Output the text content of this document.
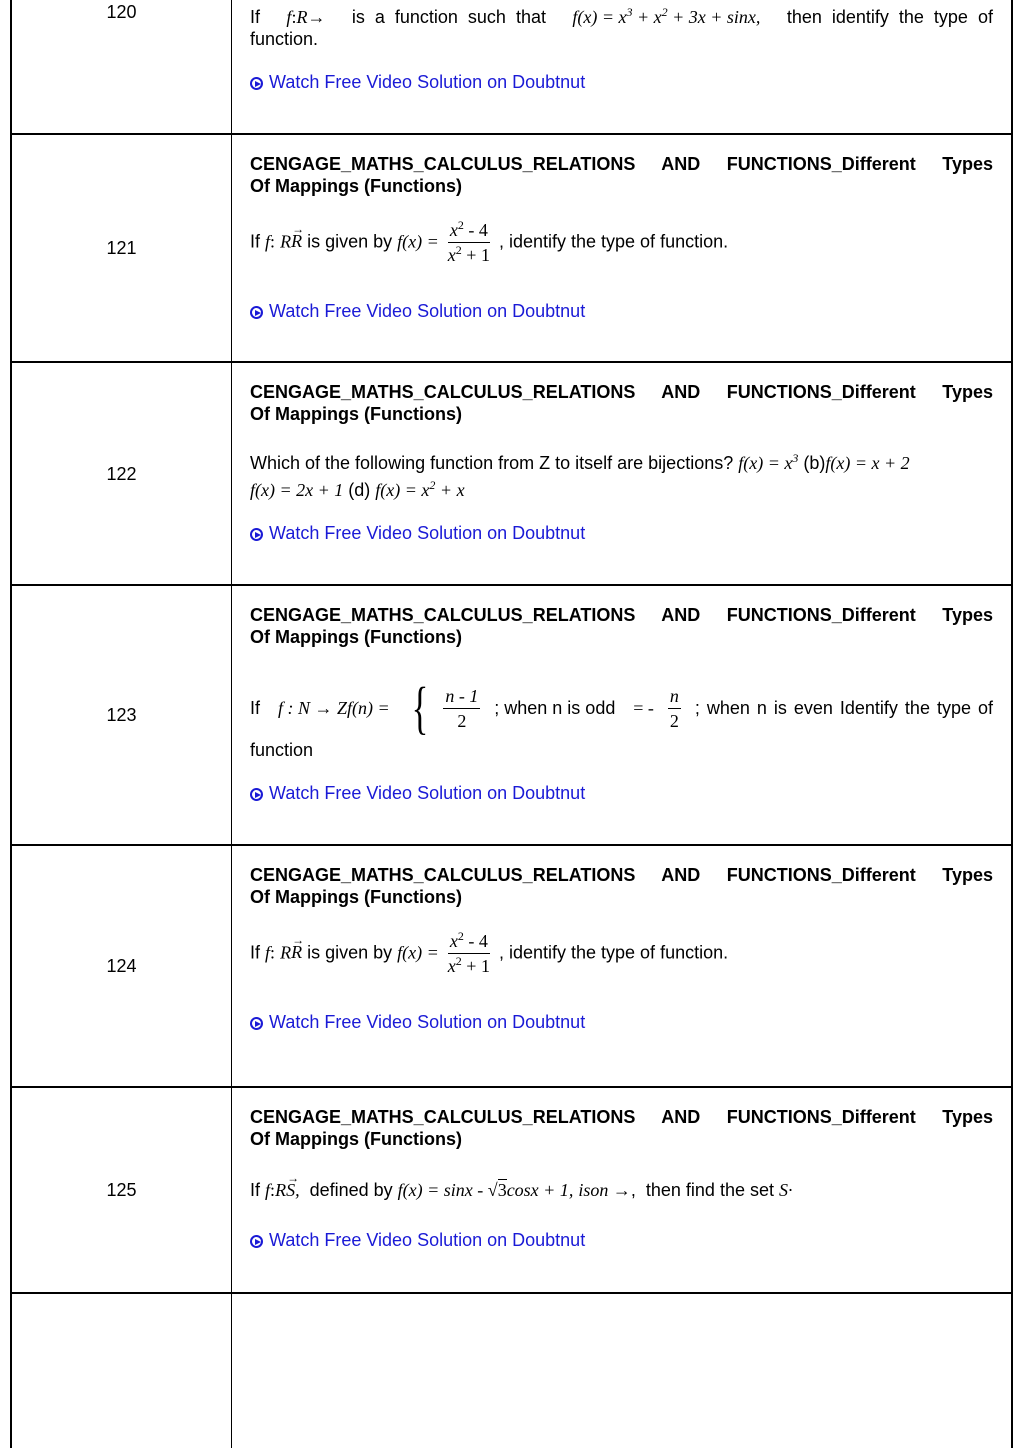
120	If f:R→ is a function such that $f(x) = x^3 + x^2 + 3x + \sin x$, then identify the type of
function.
Watch Free Video Solution on Doubtnut
121
CENGAGE_MATHS_CALCULUS_RELATIONS AND FUNCTIONS_Different Types
Of Mappings (Functions)
If f: R→ R is given by $f(x) = \frac{x^2 - 4}{x^2 + 1}$ , identify the type of function.
Watch Free Video Solution on Doubtnut
122
CENGAGE_MATHS_CALCULUS_RELATIONS AND FUNCTIONS_Different Types
Of Mappings (Functions)
Which of the following function from Z to itself are bijections? $f(x) = x^3$ (b)f(x) = x + 2
f(x) = 2x + 1 (d) $f(x) = x^2 + x$
Watch Free Video Solution on Doubtnut
123
CENGAGE_MATHS_CALCULUS_RELATIONS AND FUNCTIONS_Different Types
Of Mappings (Functions)
If f : N → Zf(n) = { $\frac{n - 1}{2}$ ; when n is odd = - $\frac{n}{2}$ ; when n is even Identify the type of
function
Watch Free Video Solution on Doubtnut
124
CENGAGE_MATHS_CALCULUS_RELATIONS AND FUNCTIONS_Different Types
Of Mappings (Functions)
If f: R→ R is given by $f(x) = \frac{x^2 - 4}{x^2 + 1}$ , identify the type of function.
Watch Free Video Solution on Doubtnut
125
CENGAGE_MATHS_CALCULUS_RELATIONS AND FUNCTIONS_Different Types
Of Mappings (Functions)
If f:R→ S, defined by f(x) = sinx - √3cosx + 1, ison →, then find the set S·
Watch Free Video Solution on Doubtnut
